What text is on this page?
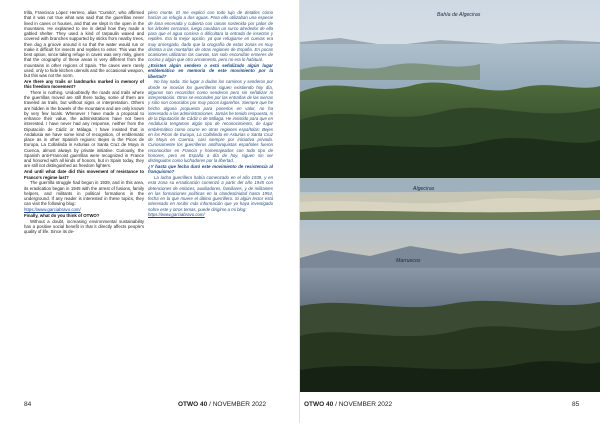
trilla, Francisca López Herrero, alias "Cumito", who affirmed that it was not true what was said that the guerrillas never lived in caves or houses, and that we slept in the open in the mountains. He explained to me in detail how they made a gabled shelter. They used a kind of tarpaulin waxed and covered with branches supported by sticks from nearby trees, then dug a groove around it so that the water would run or make it difficult for insects and reptiles to enter. This was the best option, since taking refuge in caves was very risky, given that the orography of these areas is very different from the mountains in other regions of Spain. The caves were rarely used, only to hide kitchen utensils and the occasional weapon, but this was not the norm.

Are there any trails or landmarks marked in memory of this freedom movement?

There is nothing. Undoubtedly the roads and trails where the guerrillas moved are still there today, some of them are traveled as trails, but without signs or interpretation. Others are hidden in the bowels of the mountains and are only known by very few locals. Whenever I have made a proposal to enhance their value, the administrations have not been interested. I have never had any response, neither from the Diputación de Cádiz or Málaga. I have insisted that in Andalusia we have some kind of recognition, of emblematic place as in other Spanish regions: Bejes in the Picos de Europa, La Collalinda in Asturias or Santa Cruz de Moya in Cuenca, almost always by private initiative. Curiously, the Spanish anti-Francoist guerrillas were recognized in France and honored with all kinds of honors, but in Spain today, they are still not distinguished as freedom fighters.

And until what date did this movement of resistance to Franco's regime last?

The guerrilla struggle had begun in 1939, and in this area, its eradication began in 1945 with the arrest of fusions, family helpers, and militants in political formations in the underground. If any reader is interested in these topics, they can visit the following blog:

https://www.garciabravo.com/

Finally, what do you think of OTWO?

Without a doubt, increasing environmental sustainability has a positive social benefit in that it directly affects people's quality of life. Since its de-

plero monte. El me explicó con todo lujo de detalles cómo hacían un refugio a dos aguas. Para ello utilizaban una especie de lona encerada y cubierta con ramas sostenida por palos de los árboles cercanos, luego cavaban un surco alrededor de ella para que el agua corriera o dificultara la entrada de insectos y reptiles. Era la mejor opción, ya que refugiarse en cuevas era muy arriesgado, dado que la orografía de estas zonas es muy distinta a las montañas de otras regiones de España. En pocas ocasiones utilizaron las cuevas, tan solo escondían enseres de cocina y algún que otro armamento, pero no era lo habitual.

¿Existen algún sendero o está señalizado algún lugar emblemático en memoria de este movimiento por la libertad?

No hay nada. Sin lugar a dudas los caminos y senderos por donde se movían los guerrilleros siguen existiendo hoy día, algunos son recorridos como senderos pero sin señalizar ni interpretación. Otros se esconden por las entrañas de las sierras y sólo son conocidos por muy pocos lugareños. Siempre que he hecho alguna propuesta para ponerlos en valor, no ha interesado a las administraciones. Jamás he tenido respuesta, ni de la Diputación de Cádiz o de Málaga. He insistido para que en Andalucía tengamos algún tipo de reconocimiento, de lugar emblemático como ocurre en otras regiones españolas: Bejes en los Picos de Europa, La Collalinda en Asturias o Santa Cruz de Moya en Cuenca, casi siempre por iniciativa privada. Curiosamente los guerrilleros antifranquistas españoles fueron reconocidos en Francia y homenajeados con todo tipo de honores, pero en España a día de hoy, siguen sin ser distinguidos como luchadores por la libertad.

¿Y hasta que fecha duró este movimiento de resistencia al franquismo?

La lucha guerrillera había comenzado en el año 1939, y en esta zona su erradicación comenzó a partir del año 1945 con detenciones de enlaces, auxiliadores, familiares, y de militantes en las formaciones políticas en la clandestinidad hasta 1954, fecha en la que muere el último guerrillero. Si algún lector está interesado en recibir más información que yo haya investigado sobre este y otros temas, puede dirigirse a mi blog:

https://www.garciabravo.com/

84	OTWO 40 / NOVEMBER 2022
Bahía de Algeciras
Algeciras
Marruecos
OTWO 40 / NOVEMBER 2022	85
